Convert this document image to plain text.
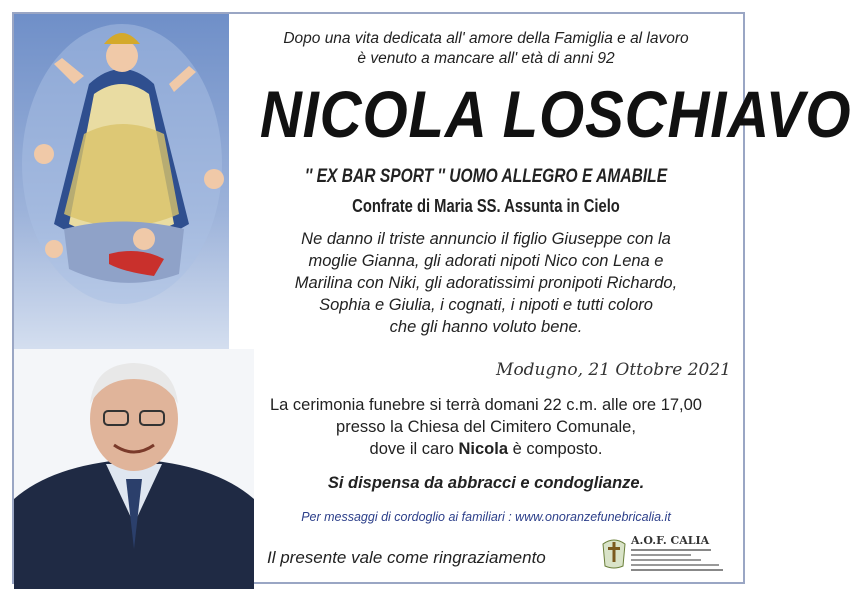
Dopo una vita dedicata all' amore della Famiglia e al lavoro
è venuto a mancare all' età di anni 92
NICOLA LOSCHIAVO
'' EX BAR SPORT '' UOMO ALLEGRO E AMABILE
Confrate di Maria SS. Assunta in Cielo
Ne danno il triste annuncio il figlio Giuseppe con la
moglie Gianna, gli adorati nipoti Nico con Lena e
Marilina con Niki, gli adoratissimi pronipoti Richardo,
Sophia e Giulia, i cognati, i nipoti e tutti coloro
che gli hanno voluto bene.
Modugno, 21 Ottobre 2021
La cerimonia funebre si terrà domani 22 c.m. alle ore 17,00
presso la Chiesa del Cimitero Comunale,
dove il caro Nicola è composto.
Si dispensa da abbracci e condoglianze.
Per messaggi di cordoglio ai familiari : www.onoranzefunebricalia.it
Il presente vale come ringraziamento
A.O.F. CALIA
